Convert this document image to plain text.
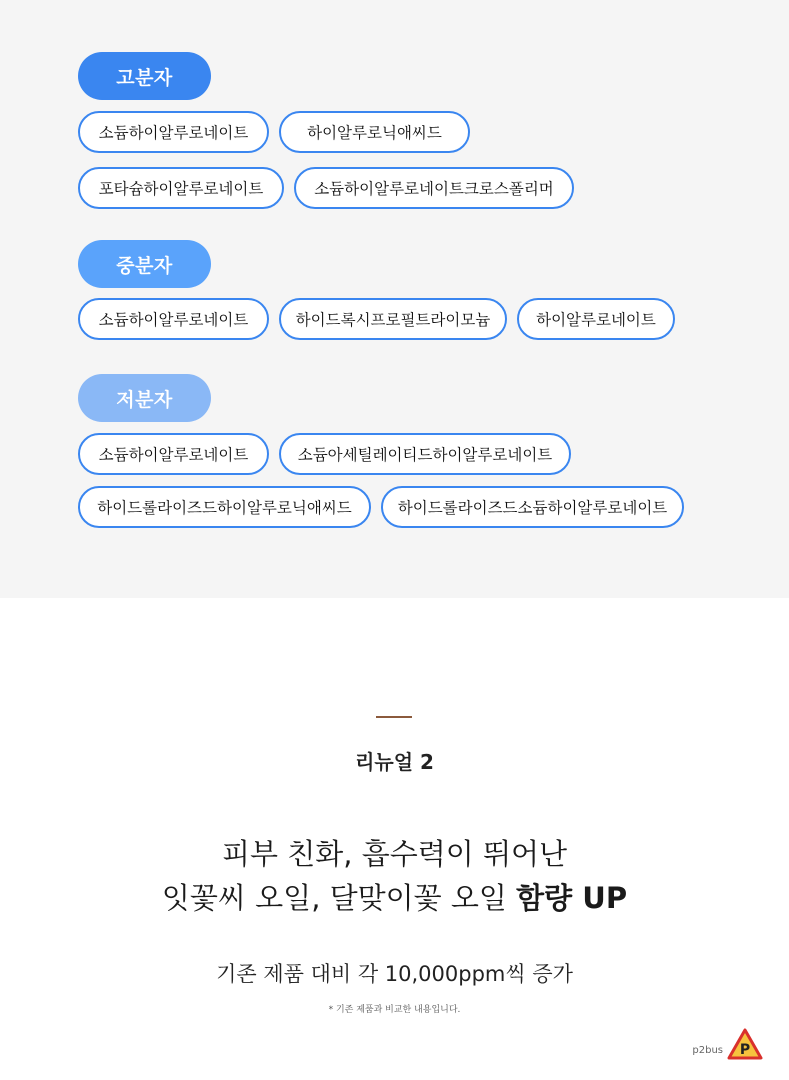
고분자
소듐하이알루로네이트	하이알루로닉애씨드
포타슘하이알루로네이트	소듐하이알루로네이트크로스폴리머
중분자
소듐하이알루로네이트	하이드록시프로필트라이모늄	하이알루로네이트
저분자
소듐하이알루로네이트	소듐아세틸레이티드하이알루로네이트
하이드롤라이즈드하이알루로닉애씨드	하이드롤라이즈드소듐하이알루로네이트
리뉴얼 2
피부 친화, 흡수력이 뛰어난
잇꽃씨 오일, 달맞이꽃 오일 함량 UP
기존 제품 대비 각 10,000ppm씩 증가
* 기존 제품과 비교한 내용입니다.
p2bus P
